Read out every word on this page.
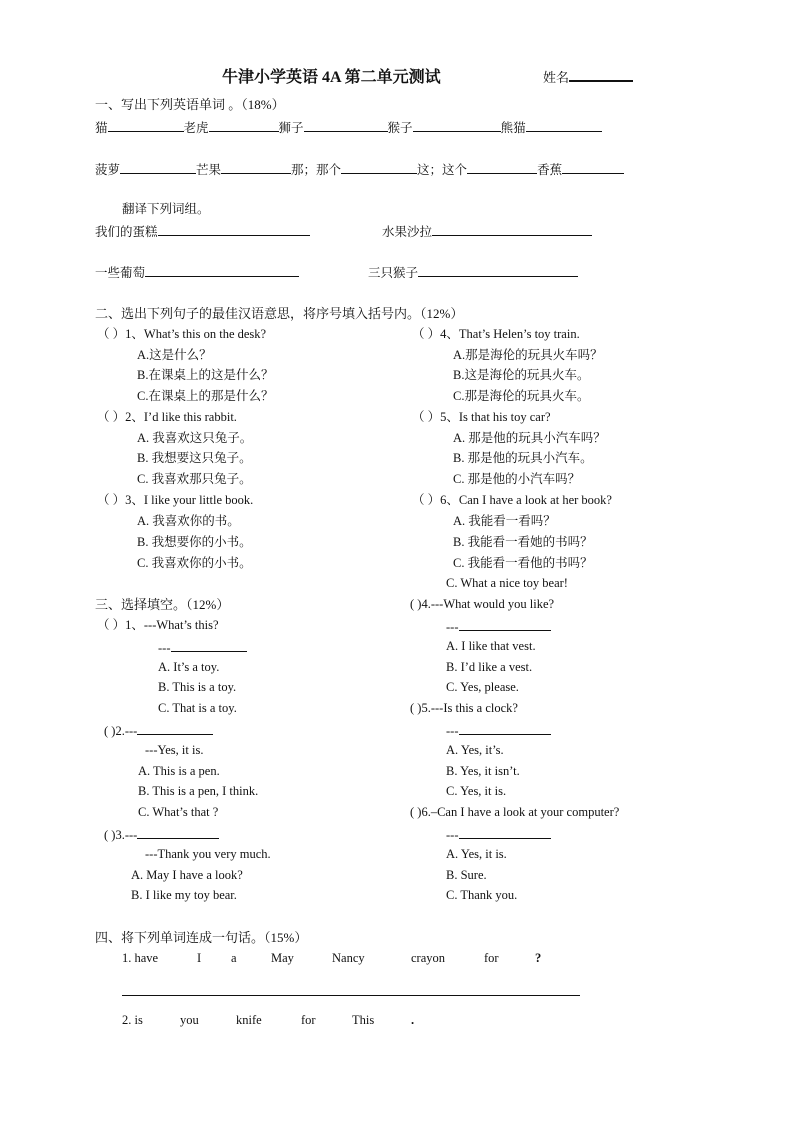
牛津小学英语 4A 第二单元测试	姓名
一、写出下列英语单词 。（18%）
猫	老虎	狮子	猴子	熊猫
菠萝	芒果	那；那个	这；这个	香蕉
翻译下列词组。
我们的蛋糕	水果沙拉
一些葡萄	三只猴子
二、选出下列句子的最佳汉语意思，将序号填入括号内。（12%）
（ ）1、What’s this on the desk?
A.这是什么？
B.在课桌上的这是什么？
C.在课桌上的那是什么？
（ ）2、I’d like this rabbit.
A. 我喜欢这只兔子。
B. 我想要这只兔子。
C. 我喜欢那只兔子。
（ ）3、I like your little book.
A. 我喜欢你的书。
B. 我想要你的小书。
C. 我喜欢你的小书。
（ ）4、That’s Helen’s toy train.
A.那是海伦的玩具火车吗？
B.这是海伦的玩具火车。
C.那是海伦的玩具火车。
（ ）5、Is that his toy car?
A. 那是他的玩具小汽车吗？
B. 那是他的玩具小汽车。
C. 那是他的小汽车吗？
（ ）6、Can I have a look at her book?
A. 我能看一看吗？
B. 我能看一看她的书吗？
C. 我能看一看他的书吗？
C. What a nice toy bear!
三、选择填空。（12%）
（ ）1、---What’s this?
---
A. It’s a toy.
B. This is a toy.
C. That is a toy.
( )2.---
---Yes, it is.
A. This is a pen.
B. This is a pen, I think.
C. What’s that ?
( )3.---
---Thank you very much.
A. May I have a look?
B. I like my toy bear.
( )4.---What would you like?
---
A. I like that vest.
B. I’d like a vest.
C. Yes, please.
( )5.---Is this a clock?
---
A. Yes, it’s.
B. Yes, it isn’t.
C. Yes, it is.
( )6.–Can I have a look at your computer?
---
A. Yes, it is.
B. Sure.
C. Thank you.
四、将下列单词连成一句话。（15%）
1. have	I a	May	Nancy	crayon	for	?
2. is	you	knife	for	This	.
